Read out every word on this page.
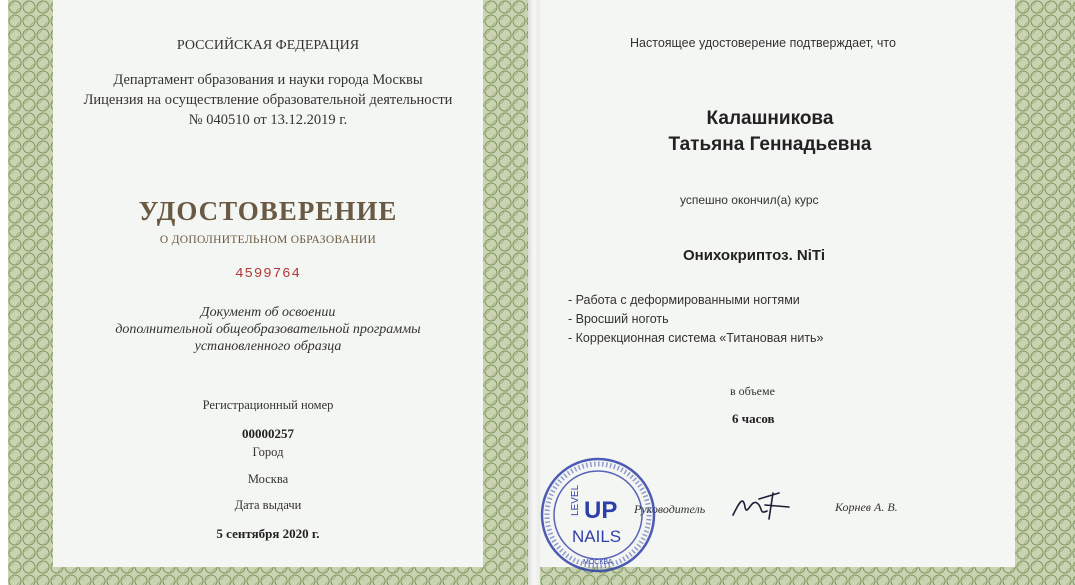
РОССИЙСКАЯ ФЕДЕРАЦИЯ
Департамент образования и науки города Москвы
Лицензия на осуществление образовательной деятельности
№ 040510 от 13.12.2019 г.
УДОСТОВЕРЕНИЕ
О ДОПОЛНИТЕЛЬНОМ ОБРАЗОВАНИИ
4599764
Документ об освоении
дополнительной общеобразовательной программы
установленного образца
Регистрационный номер
00000257
Город
Москва
Дата выдачи
5 сентября 2020 г.
Настоящее удостоверение подтверждает, что
Калашникова
Татьяна Геннадьевна
успешно окончил(а) курс
Онихокриптоз. NiTi
- Работа с деформированными ногтями
- Вросший ноготь
- Коррекционная система «Титановая нить»
в объеме
6 часов
Руководитель	Корнев А. В.
LEVEL UP
NAILS
МОСКВА
